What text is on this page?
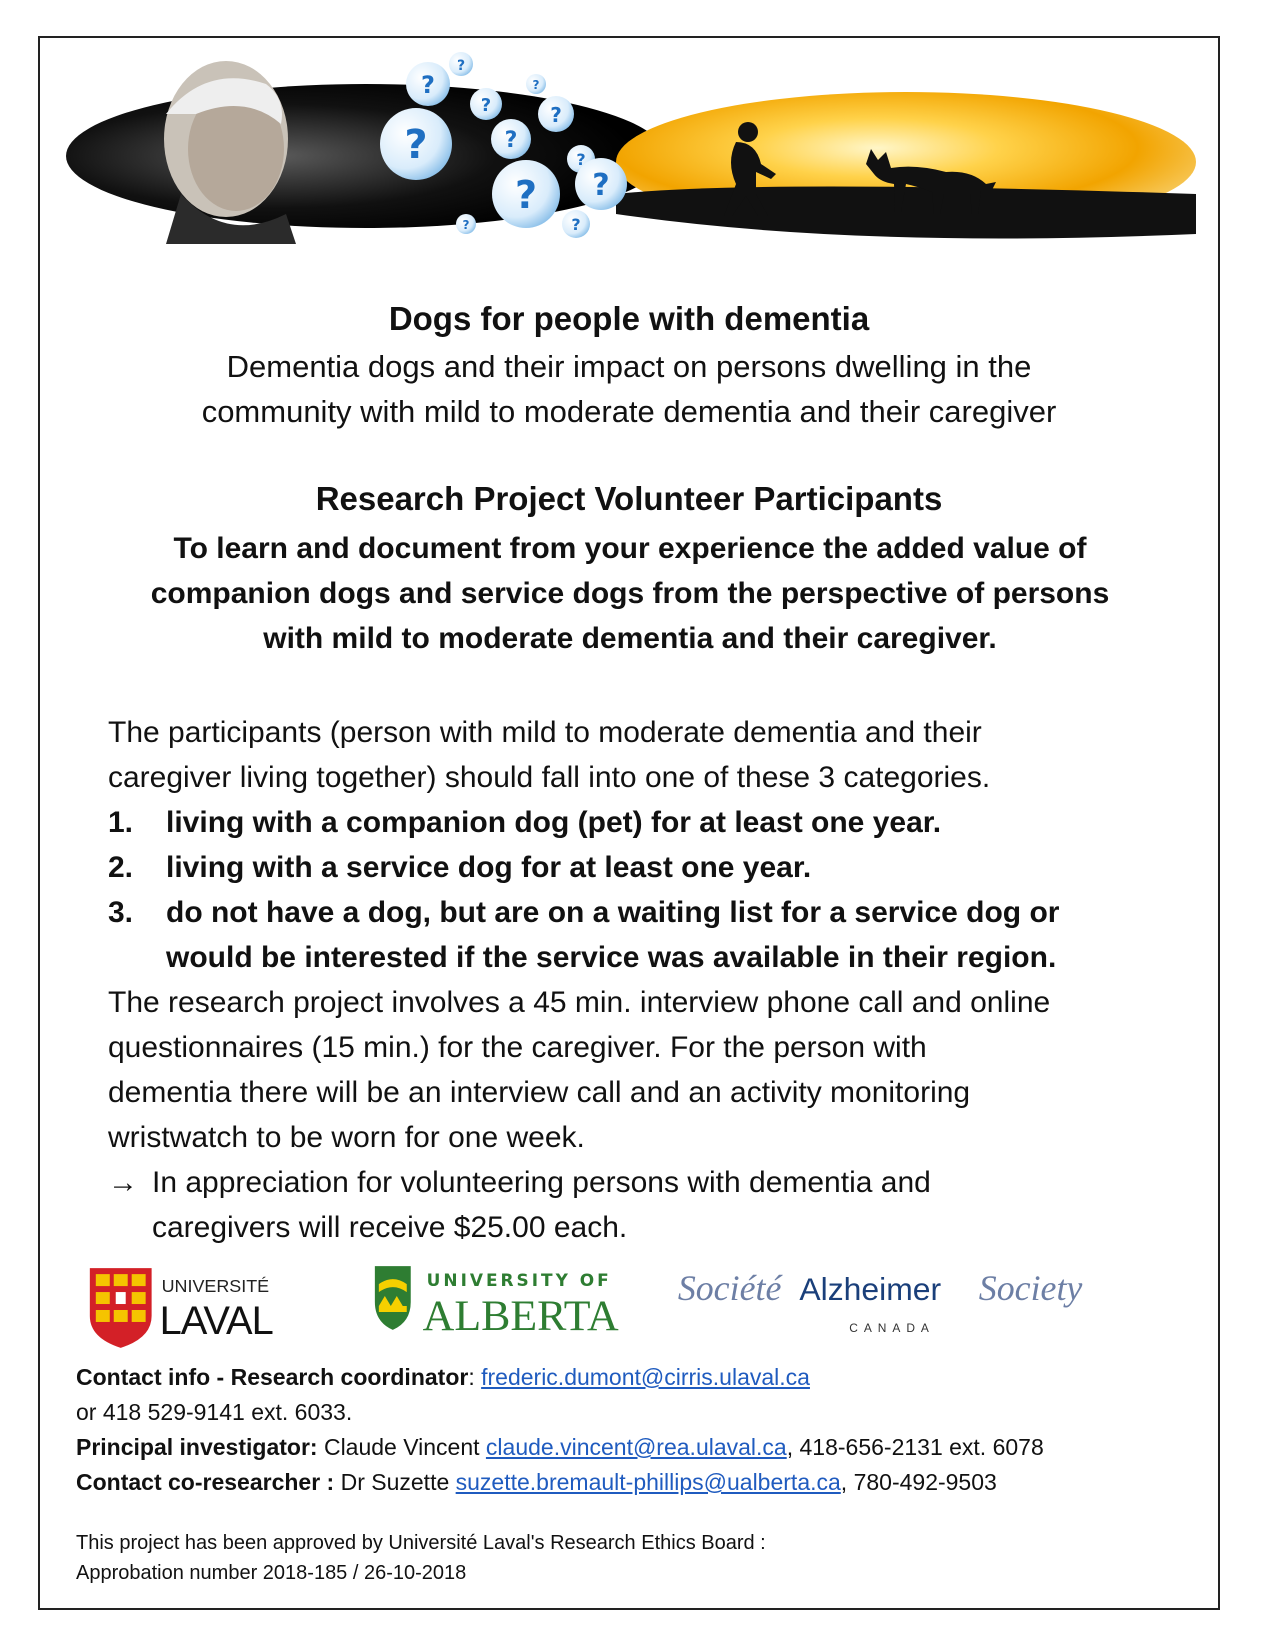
?
?
?
?
?
?
?
?
?
?	?
?
Dogs for people with dementia
Dementia dogs and their impact on persons dwelling in the
community with mild to moderate dementia and their caregiver
Research Project Volunteer Participants
To learn and document from your experience the added value of
companion dogs and service dogs from the perspective of persons
with mild to moderate dementia and their caregiver.
The participants (person with mild to moderate dementia and their
caregiver living together) should fall into one of these 3 categories.
1. living with a companion dog (pet) for at least one year.
2. living with a service dog for at least one year.
3. do not have a dog, but are on a waiting list for a service dog or
would be interested if the service was available in their region.
The research project involves a 45 min. interview phone call and online
questionnaires (15 min.) for the caregiver. For the person with
dementia there will be an interview call and an activity monitoring
wristwatch to be worn for one week.
→ In appreciation for volunteering persons with dementia and
caregivers will receive $25.00 each.
UNIVERSITÉ
LAVAL
UNIVERSITY OF
ALBERTA
Société Alzheimer Society
CANADA
Contact info - Research coordinator: frederic.dumont@cirris.ulaval.ca
or 418 529-9141 ext. 6033.
Principal investigator: Claude Vincent claude.vincent@rea.ulaval.ca, 418-656-2131 ext. 6078
Contact co-researcher : Dr Suzette suzette.bremault-phillips@ualberta.ca, 780-492-9503
This project has been approved by Université Laval's Research Ethics Board :
Approbation number 2018-185 / 26-10-2018
